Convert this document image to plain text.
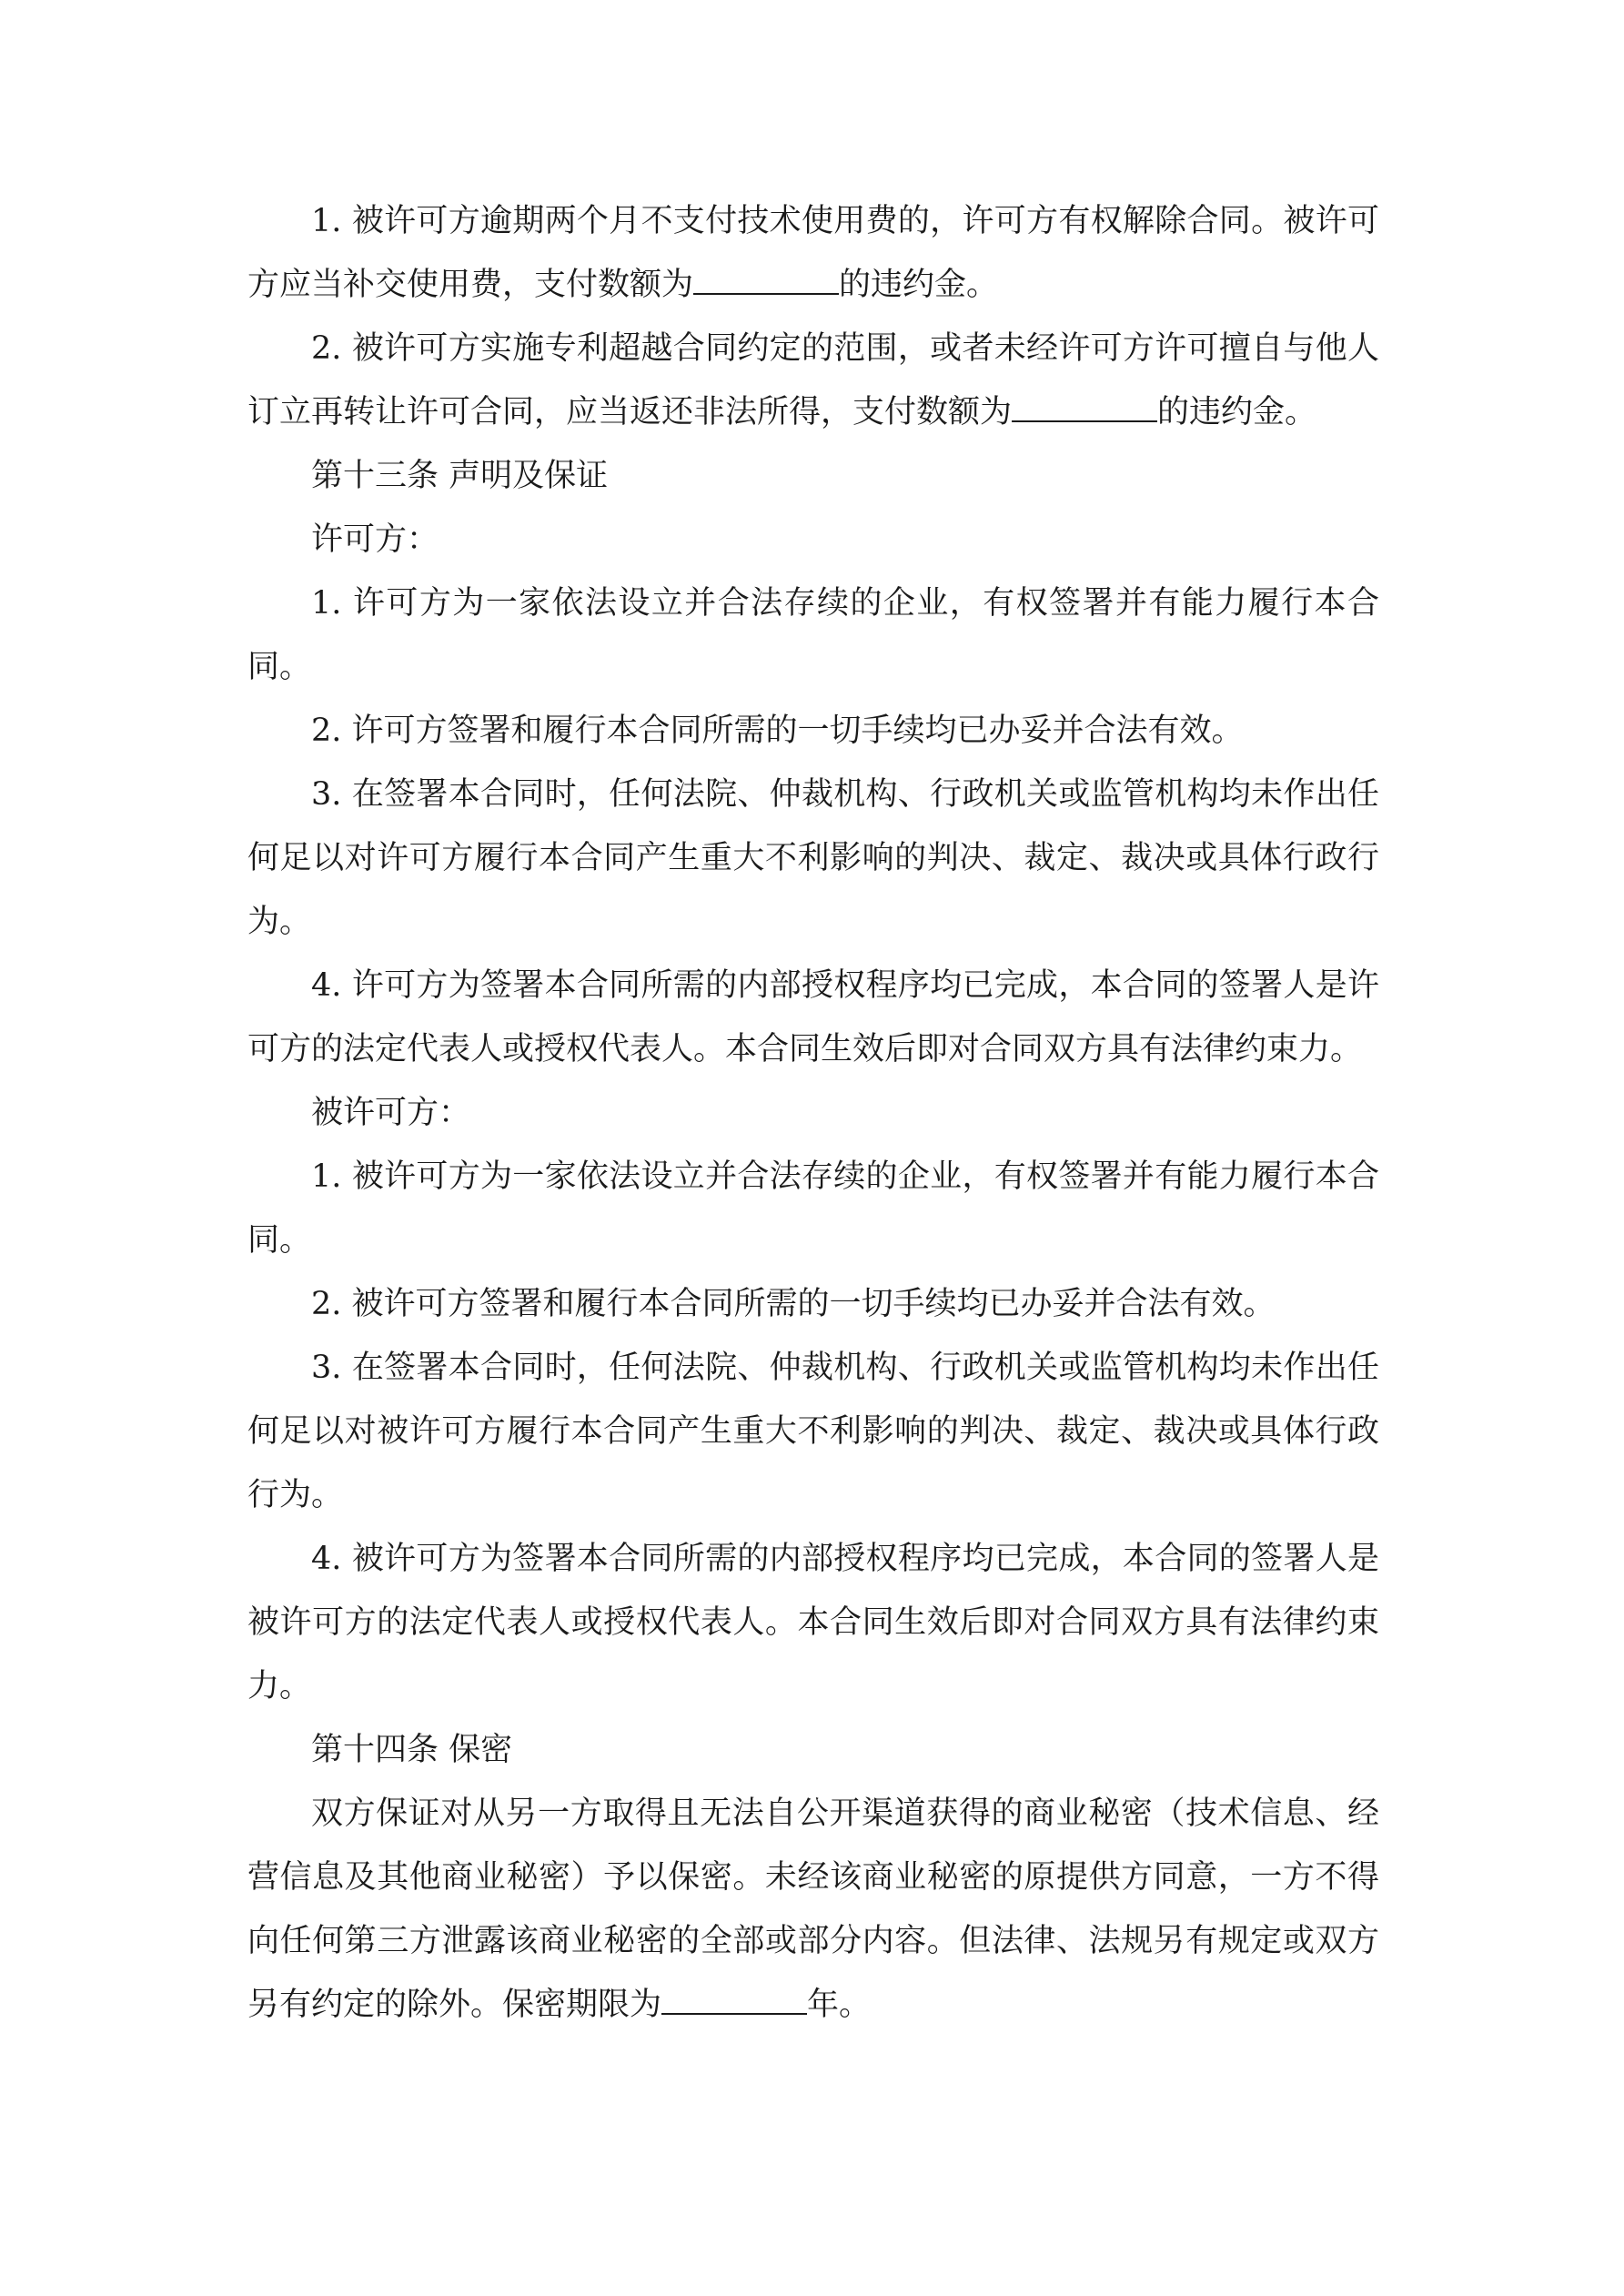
1. 被许可方逾期两个月不支付技术使用费的，许可方有权解除合同。被许可方应当补交使用费，支付数额为	的违约金。

2. 被许可方实施专利超越合同约定的范围，或者未经许可方许可擅自与他人订立再转让许可合同，应当返还非法所得，支付数额为	的违约金。

第十三条 声明及保证

许可方：

1. 许可方为一家依法设立并合法存续的企业，有权签署并有能力履行本合同。

2. 许可方签署和履行本合同所需的一切手续均已办妥并合法有效。

3. 在签署本合同时，任何法院、仲裁机构、行政机关或监管机构均未作出任何足以对许可方履行本合同产生重大不利影响的判决、裁定、裁决或具体行政行为。

4. 许可方为签署本合同所需的内部授权程序均已完成，本合同的签署人是许可方的法定代表人或授权代表人。本合同生效后即对合同双方具有法律约束力。

被许可方：

1. 被许可方为一家依法设立并合法存续的企业，有权签署并有能力履行本合同。

2. 被许可方签署和履行本合同所需的一切手续均已办妥并合法有效。

3. 在签署本合同时，任何法院、仲裁机构、行政机关或监管机构均未作出任何足以对被许可方履行本合同产生重大不利影响的判决、裁定、裁决或具体行政行为。

4. 被许可方为签署本合同所需的内部授权程序均已完成，本合同的签署人是被许可方的法定代表人或授权代表人。本合同生效后即对合同双方具有法律约束力。

第十四条 保密

双方保证对从另一方取得且无法自公开渠道获得的商业秘密（技术信息、经营信息及其他商业秘密）予以保密。未经该商业秘密的原提供方同意，一方不得向任何第三方泄露该商业秘密的全部或部分内容。但法律、法规另有规定或双方另有约定的除外。保密期限为	年。
